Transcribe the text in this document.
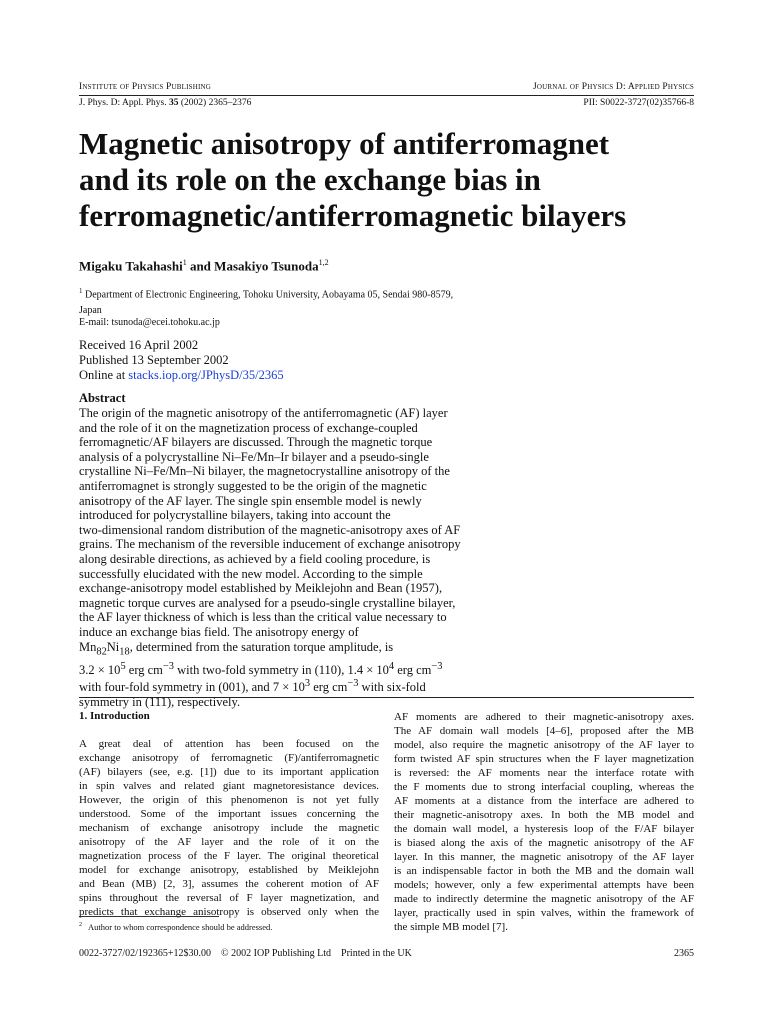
Institute of Physics Publishing	Journal of Physics D: Applied Physics
J. Phys. D: Appl. Phys. 35 (2002) 2365–2376	PII: S0022-3727(02)35766-8
Magnetic anisotropy of antiferromagnet
and its role on the exchange bias in
ferromagnetic/antiferromagnetic bilayers
Migaku Takahashi$^1$ and Masakiyo Tsunoda$^{1,2}$
$^1$ Department of Electronic Engineering, Tohoku University, Aobayama 05, Sendai 980-8579,
Japan
E-mail: tsunoda@ecei.tohoku.ac.jp
Received 16 April 2002
Published 13 September 2002
Online at stacks.iop.org/JPhysD/35/2365
Abstract

The origin of the magnetic anisotropy of the antiferromagnetic (AF) layer

and the role of it on the magnetization process of exchange-coupled

ferromagnetic/AF bilayers are discussed. Through the magnetic torque

analysis of a polycrystalline Ni–Fe/Mn–Ir bilayer and a pseudo-single

crystalline Ni–Fe/Mn–Ni bilayer, the magnetocrystalline anisotropy of the

antiferromagnet is strongly suggested to be the origin of the magnetic

anisotropy of the AF layer. The single spin ensemble model is newly

introduced for polycrystalline bilayers, taking into account the

two-dimensional random distribution of the magnetic-anisotropy axes of AF

grains. The mechanism of the reversible inducement of exchange anisotropy

along desirable directions, as achieved by a field cooling procedure, is

successfully elucidated with the new model. According to the simple

exchange-anisotropy model established by Meiklejohn and Bean (1957),

magnetic torque curves are analysed for a pseudo-single crystalline bilayer,

the AF layer thickness of which is less than the critical value necessary to

induce an exchange bias field. The anisotropy energy of

$Mn_{82}Ni_{18}$, determined from the saturation torque amplitude, is

$3.2 \times 10^5$ erg $cm^{-3}$ with two-fold symmetry in (110), $1.4 \times 10^4$ erg $cm^{-3}$

with four-fold symmetry in (001), and $7 \times 10^3$ erg $cm^{-3}$ with six-fold

symmetry in (111), respectively.

1. Introduction

A great deal of attention has been focused on the

exchange anisotropy of ferromagnetic (F)/antiferromagnetic

(AF) bilayers (see, e.g. [1]) due to its important application

in spin valves and related giant magnetoresistance devices.

However, the origin of this phenomenon is not yet fully

understood. Some of the important issues concerning the

mechanism of exchange anisotropy include the magnetic

anisotropy of the AF layer and the role of it on the

magnetization process of the F layer. The original theoretical

model for exchange anisotropy, established by Meiklejohn

and Bean (MB) [2, 3], assumes the coherent motion of AF

spins throughout the reversal of F layer magnetization, and

predicts that exchange anisotropy is observed only when the

AF moments are adhered to their magnetic-anisotropy axes.

The AF domain wall models [4–6], proposed after the MB

model, also require the magnetic anisotropy of the AF layer to

form twisted AF spin structures when the F layer magnetization

is reversed: the AF moments near the interface rotate with

the F moments due to strong interfacial coupling, whereas the

AF moments at a distance from the interface are adhered to

their magnetic-anisotropy axes. In both the MB model and

the domain wall model, a hysteresis loop of the F/AF bilayer

is biased along the axis of the magnetic anisotropy of the AF

layer. In this manner, the magnetic anisotropy of the AF layer

is an indispensable factor in both the MB and the domain wall

models; however, only a few experimental attempts have been

made to indirectly determine the magnetic anisotropy of the AF

layer, practically used in spin valves, within the framework of

the simple MB model [7].

$^2$ Author to whom correspondence should be addressed.
0022-3727/02/192365+12$30.00    © 2002 IOP Publishing Ltd    Printed in the UK	2365
